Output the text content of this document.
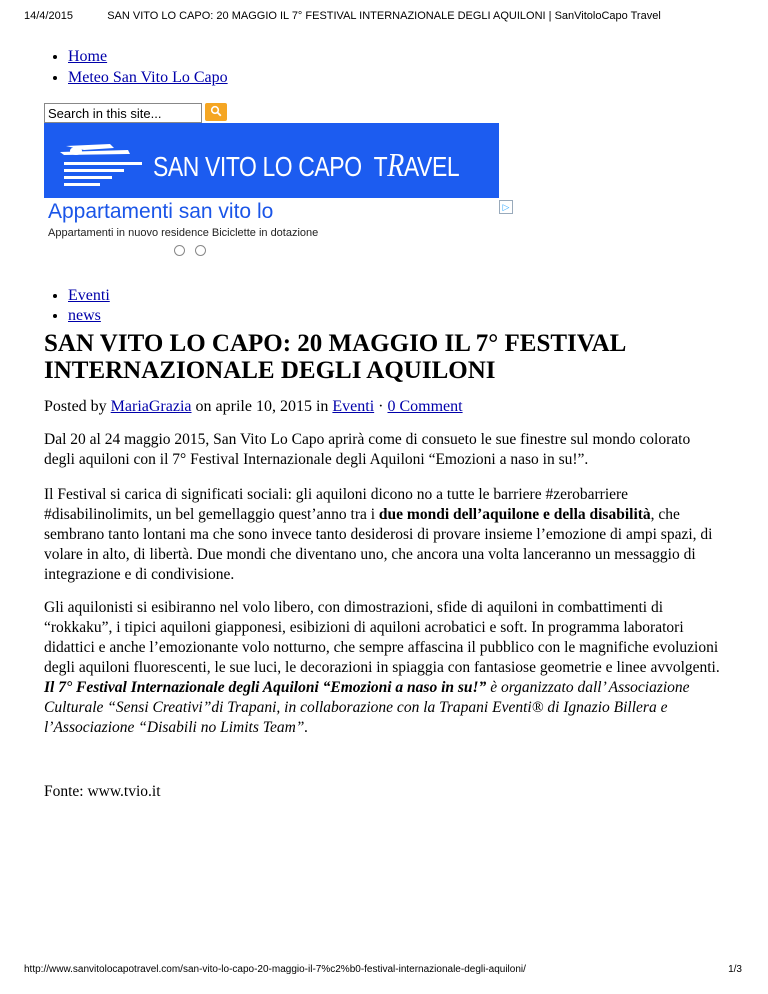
14/4/2015	SAN VITO LO CAPO: 20 MAGGIO IL 7° FESTIVAL INTERNAZIONALE DEGLI AQUILONI | SanVitoloCapo Travel
• Home
• Meteo San Vito Lo Capo
Search in this site...
SAN VITO LO CAPO TRAVEL
Appartamenti san vito lo	▷
Appartamenti in nuovo residence Biciclette in dotazione
• Eventi
• news
SAN VITO LO CAPO: 20 MAGGIO IL 7° FESTIVAL INTERNAZIONALE DEGLI AQUILONI
Posted by MariaGrazia on aprile 10, 2015 in Eventi · 0 Comment

Dal 20 al 24 maggio 2015, San Vito Lo Capo aprirà come di consueto le sue finestre sul mondo colorato degli aquiloni con il 7° Festival Internazionale degli Aquiloni “Emozioni a naso in su!”.

Il Festival si carica di significati sociali: gli aquiloni dicono no a tutte le barriere #zerobarriere #disabilinolimits, un bel gemellaggio quest’anno tra i due mondi dell’aquilone e della disabilità, che sembrano tanto lontani ma che sono invece tanto desiderosi di provare insieme l’emozione di ampi spazi, di volare in alto, di libertà. Due mondi che diventano uno, che ancora una volta lanceranno un messaggio di integrazione e di condivisione.

Gli aquilonisti si esibiranno nel volo libero, con dimostrazioni, sfide di aquiloni in combattimenti di “rokkaku”, i tipici aquiloni giapponesi, esibizioni di aquiloni acrobatici e soft. In programma laboratori didattici e anche l’emozionante volo notturno, che sempre affascina il pubblico con le magnifiche evoluzioni degli aquiloni fluorescenti, le sue luci, le decorazioni in spiaggia con fantasiose geometrie e linee avvolgenti. Il 7° Festival Internazionale degli Aquiloni “Emozioni a naso in su!” è organizzato dall’ Associazione Culturale “Sensi Creativi”di Trapani, in collaborazione con la Trapani Eventi® di Ignazio Billera e l’Associazione “Disabili no Limits Team”.

Fonte: www.tvio.it

http://www.sanvitolocapotravel.com/san-vito-lo-capo-20-maggio-il-7%c2%b0-festival-internazionale-degli-aquiloni/	1/3
